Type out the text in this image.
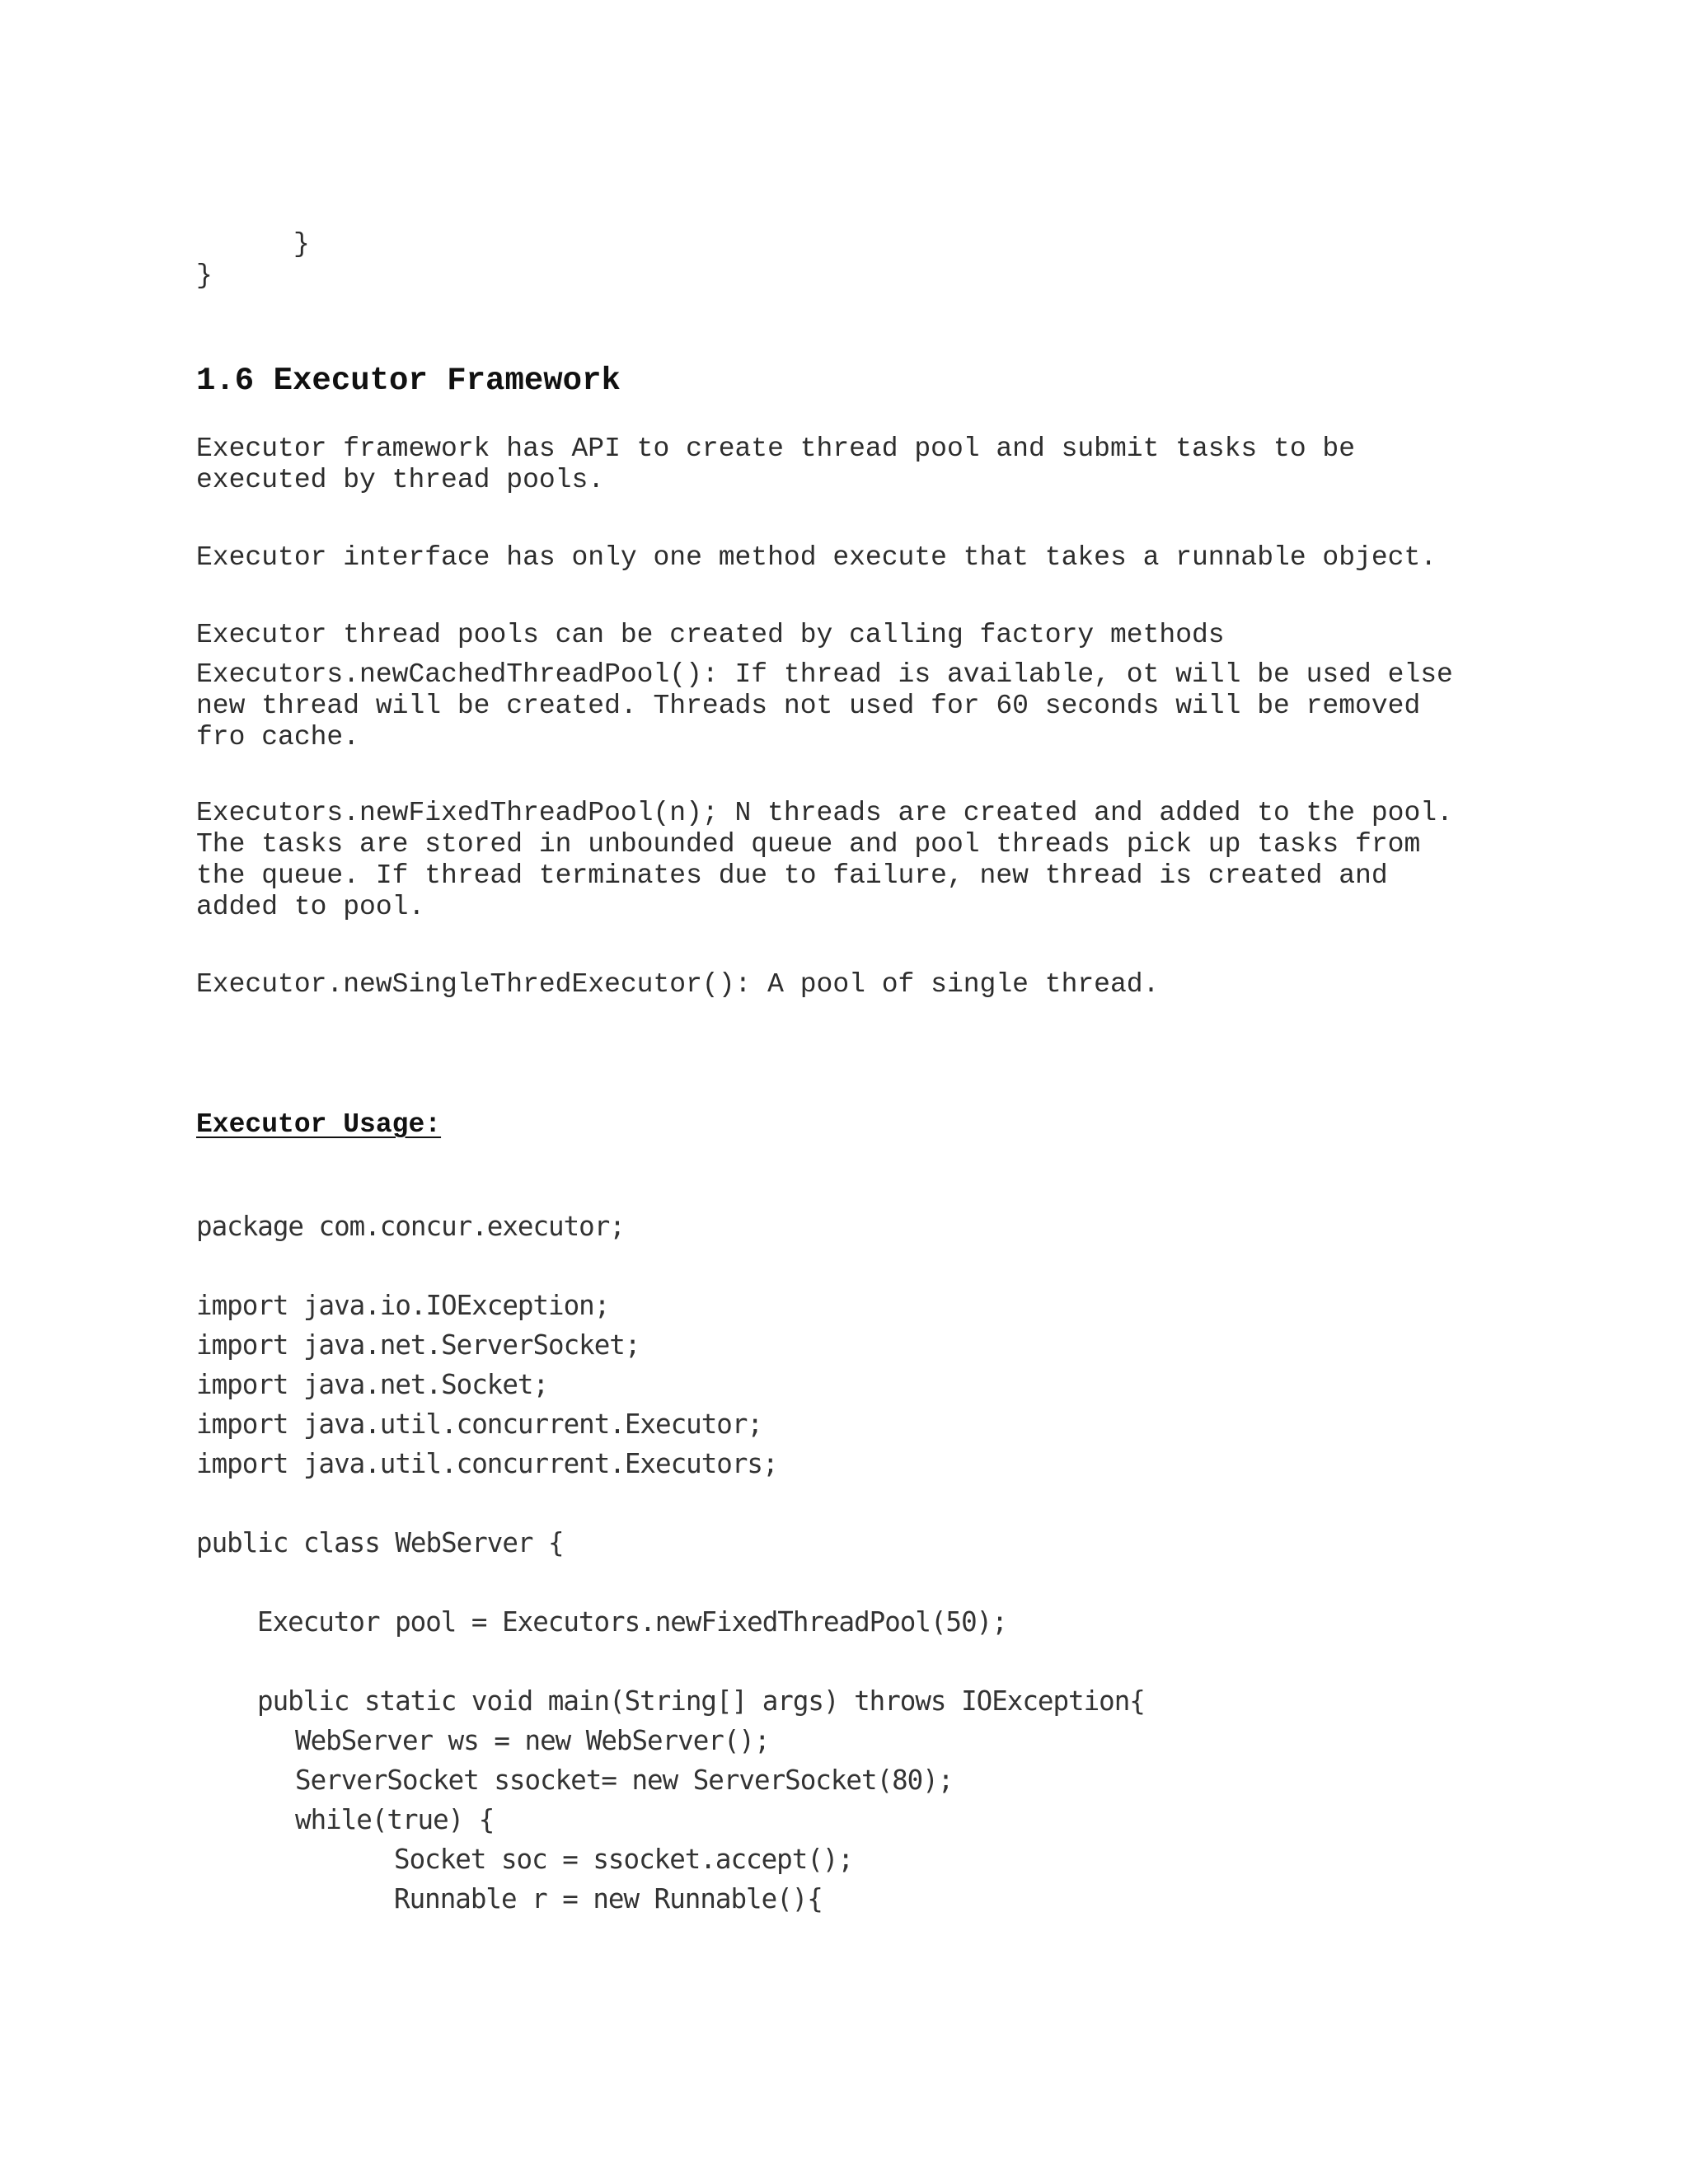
}
}
1.6 Executor Framework
Executor framework has API to create thread pool and submit tasks to be
executed by thread pools.
Executor interface has only one method execute that takes a runnable object.
Executor thread pools can be created by calling factory methods
Executors.newCachedThreadPool(): If thread is available, ot will be used else
new thread will be created. Threads not used for 60 seconds will be removed
fro cache.
Executors.newFixedThreadPool(n); N threads are created and added to the pool.
The tasks are stored in unbounded queue and pool threads pick up tasks from
the queue. If thread terminates due to failure, new thread is created and
added to pool.
Executor.newSingleThredExecutor(): A pool of single thread.
Executor Usage:
package com.concur.executor;
import java.io.IOException;
import java.net.ServerSocket;
import java.net.Socket;
import java.util.concurrent.Executor;
import java.util.concurrent.Executors;
public class WebServer {
Executor pool = Executors.newFixedThreadPool(50);
public static void main(String[] args) throws IOException{
WebServer ws = new WebServer();
ServerSocket ssocket= new ServerSocket(80);
while(true) {
Socket soc = ssocket.accept();
Runnable r = new Runnable(){
